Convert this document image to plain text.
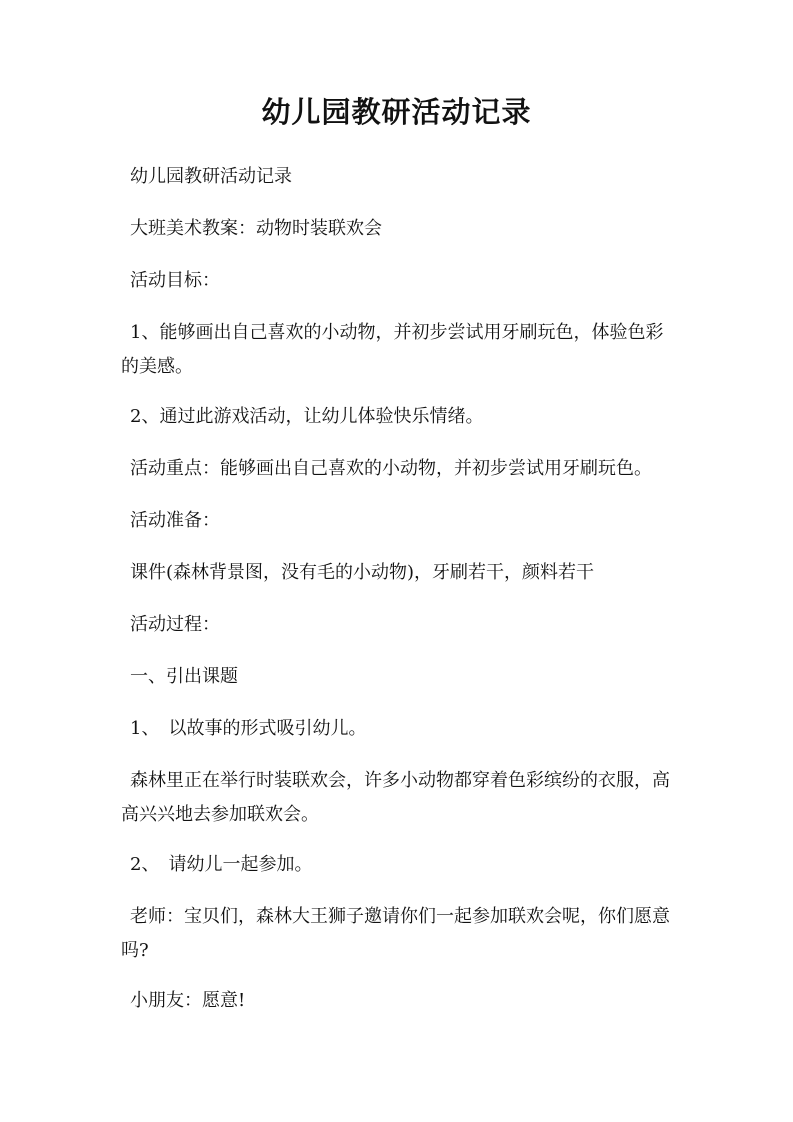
幼儿园教研活动记录

幼儿园教研活动记录

大班美术教案：动物时装联欢会

活动目标：

1、能够画出自己喜欢的小动物，并初步尝试用牙刷玩色，体验色彩的美感。

2、通过此游戏活动，让幼儿体验快乐情绪。

活动重点：能够画出自己喜欢的小动物，并初步尝试用牙刷玩色。

活动准备：

课件(森林背景图，没有毛的小动物)，牙刷若干，颜料若干

活动过程：

一、引出课题

1、　以故事的形式吸引幼儿。

森林里正在举行时装联欢会，许多小动物都穿着色彩缤纷的衣服，高高兴兴地去参加联欢会。

2、　请幼儿一起参加。

老师：宝贝们，森林大王狮子邀请你们一起参加联欢会呢，你们愿意吗?

小朋友：愿意!
